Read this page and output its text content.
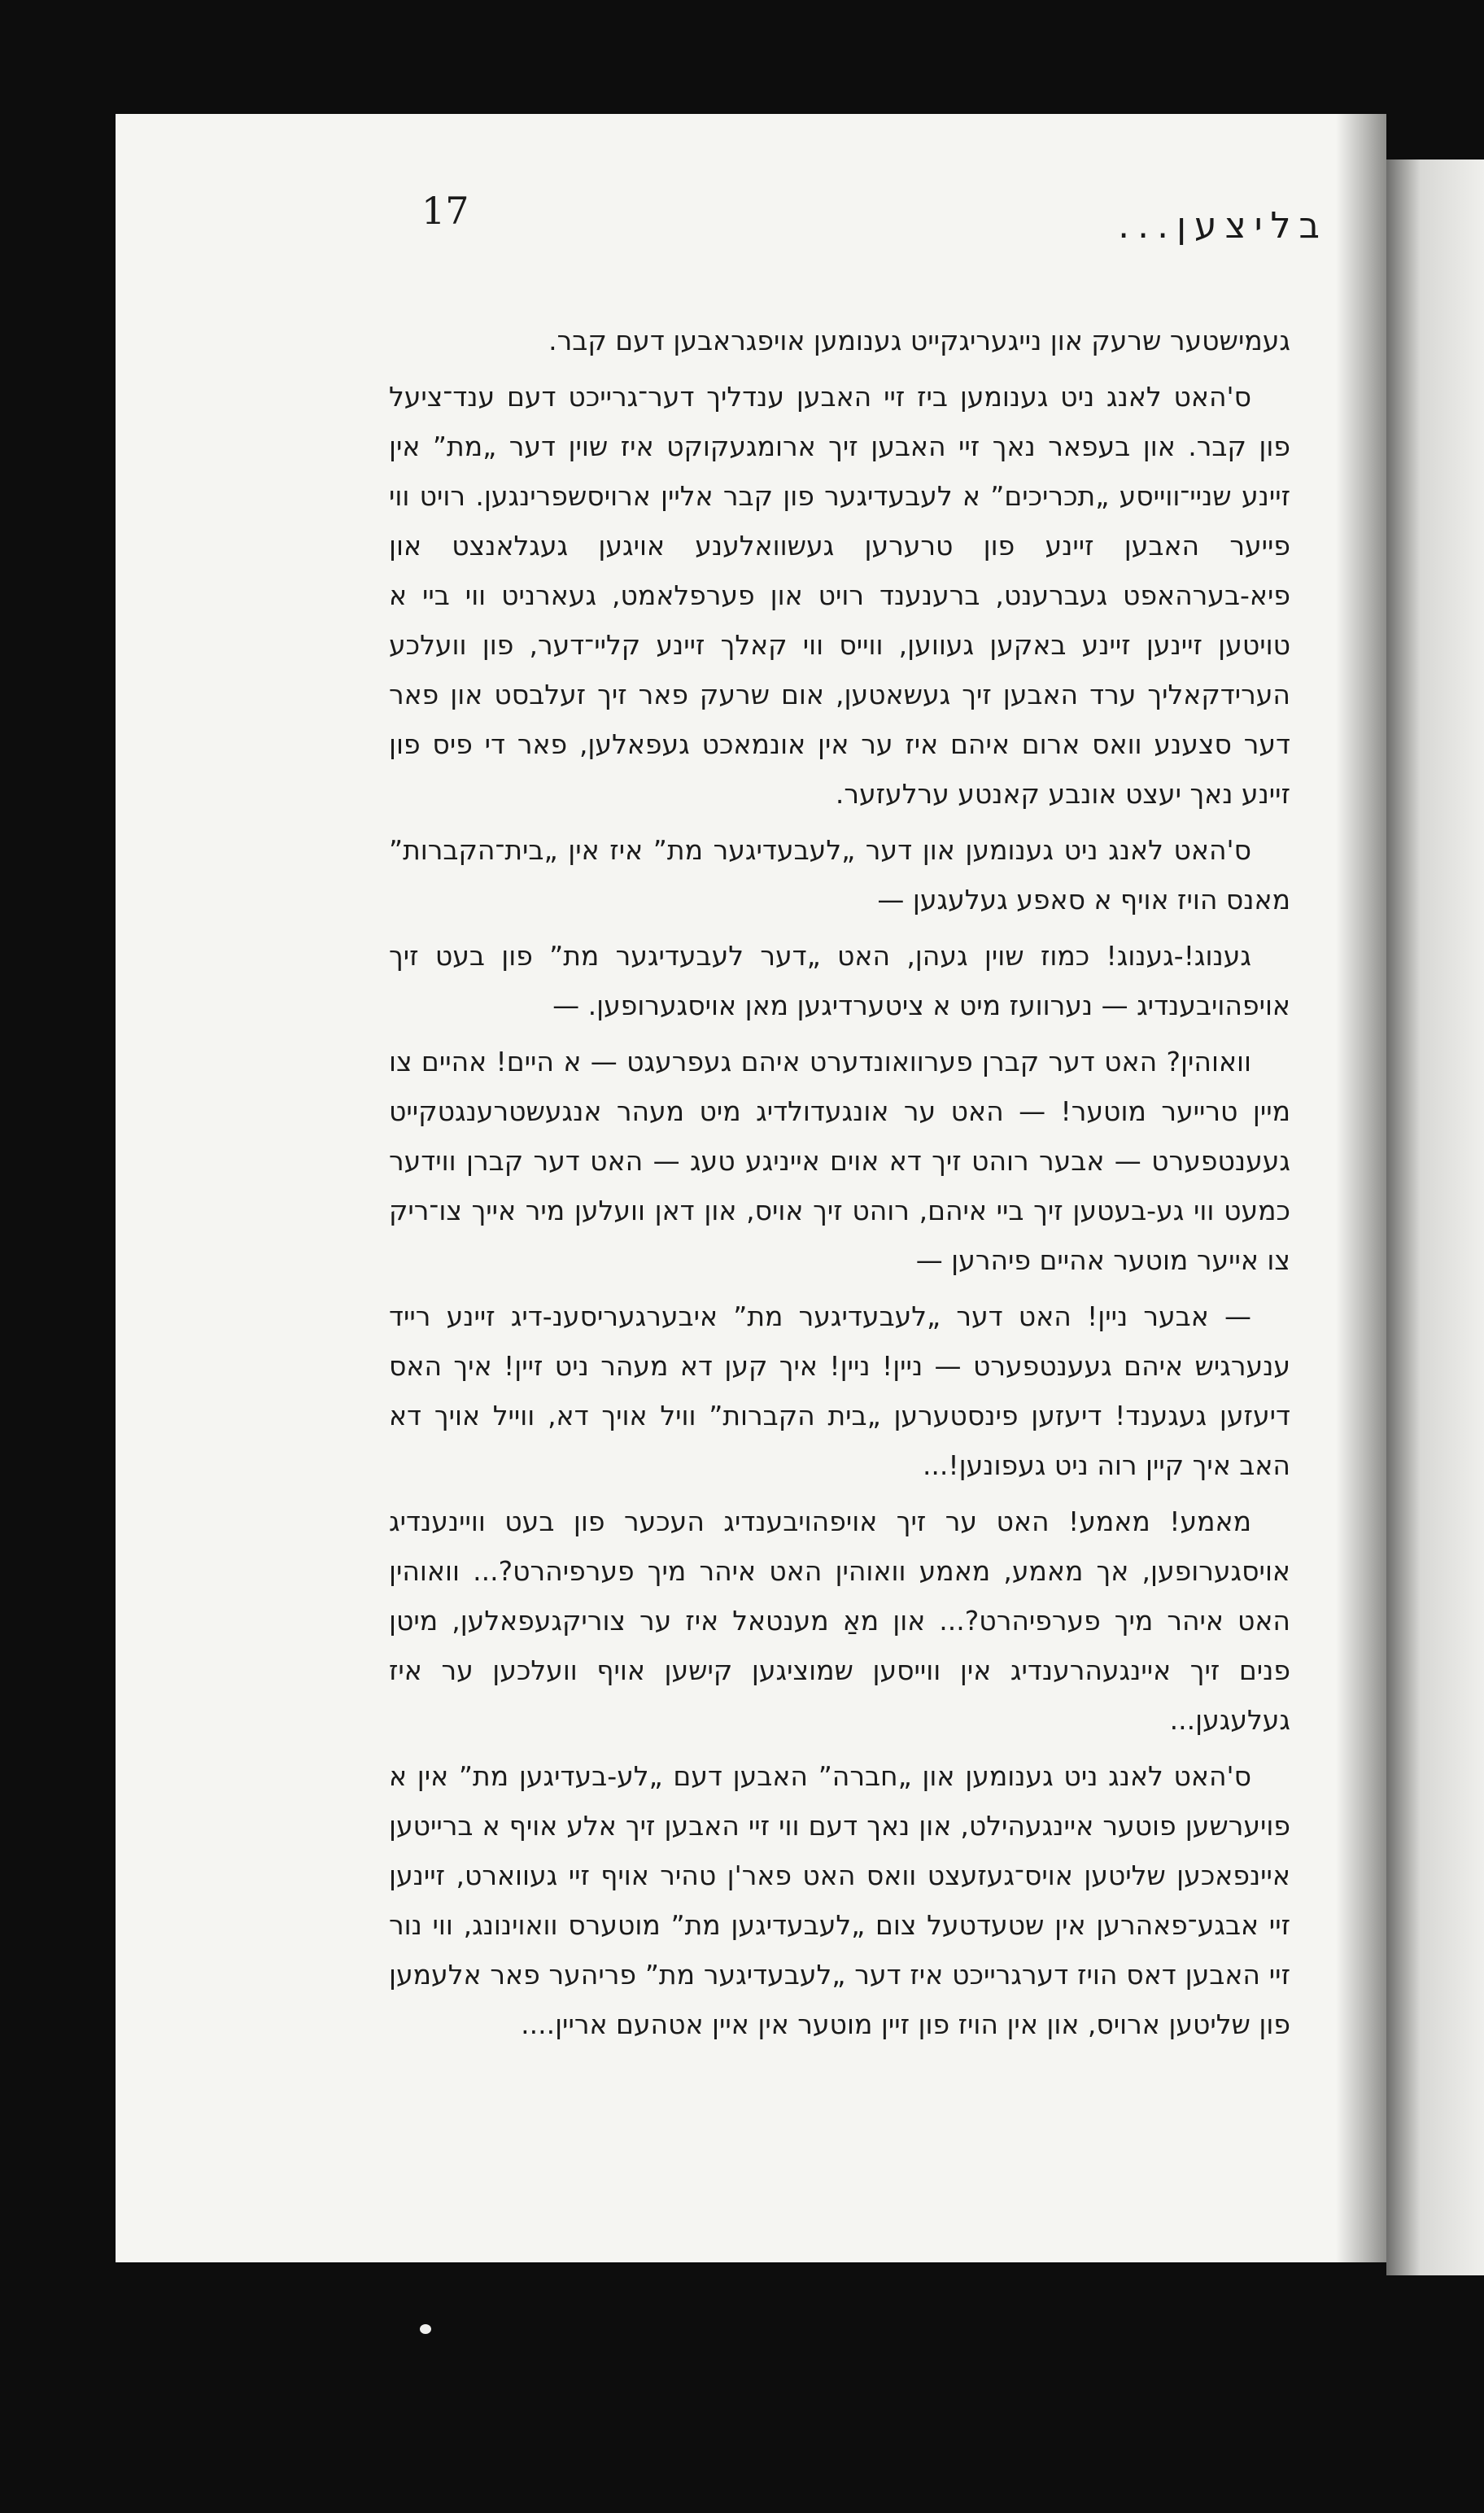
17	בליצען...

געמישטער שרעק און נייגעריגקייט גענומען אויפגראבען דעם קבר.

ס'האט לאנג ניט גענומען ביז זיי האבען ענדליך דער־גרייכט דעם ענד־ציעל פון קבר. און בעפאר נאך זיי האבען זיך ארומגעקוקט איז שוין דער „מת” אין זיינע שניי־ווייסע „תכריכים” א לעבעדיגער פון קבר אליין ארויסשפרינגען. רויט ווי פייער האבען זיינע פון טרערען געשוואלענע אויגען געגלאנצט און פיא-בערהאפט געברענט, ברענענד רויט און פערפלאמט, געארניט ווי ביי א טויטען זיינען זיינע באקען געווען, ווייס ווי קאלך זיינע קליי־דער, פון וועלכע הערידקאליך ערד האבען זיך געשאטען, אום שרעק פאר זיך זעלבסט און פאר דער סצענע וואס ארום איהם איז ער אין אונמאכט געפאלען, פאר די פיס פון זיינע נאך יעצט אונבע קאנטע ערלעזער.

ס'האט לאנג ניט גענומען און דער „לעבעדיגער מת” איז אין „בית־הקברות” מאנס הויז אויף א סאפע געלעגען —

גענוג!-גענוג! כמוז שוין געהן, האט „דער לעבעדיגער מת” פון בעט זיך אויפהויבענדיג — נערוועז מיט א ציטערדיגען מאן אויסגערופען. —

וואוהין? האט דער קברן פערוואונדערט איהם געפרעגט — א היים! אהיים צו מיין טרייער מוטער! — האט ער אונגעדולדיג מיט מעהר אנגעשטרענגטקייט געענטפערט — אבער רוהט זיך דא אוים אייניגע טעג — האט דער קברן ווידער כמעט ווי גע-בעטען זיך ביי איהם, רוהט זיך אויס, און דאן וועלען מיר אייך צו־ריק צו אייער מוטער אהיים פיהרען —

— אבער ניין! האט דער „לעבעדיגער מת” איבערגעריסענ-דיג זיינע רייד ענערגיש איהם געענטפערט — ניין! ניין! איך קען דא מעהר ניט זיין! איך האס דיעזען געגענד! דיעזען פינסטערען „בית הקברות” וויל אויך דא, ווייל אויך דא האב איך קיין רוה ניט געפונען!...

מאמע! מאמע! האט ער זיך אויפהויבענדיג העכער פון בעט וויינענדיג אויסגערופען, אך מאמע, מאמע וואוהין האט איהר מיך פערפיהרט?... וואוהין האט איהר מיך פערפיהרט?... און מאַ מענטאל איז ער צוריקגעפאלען, מיטן פנים זיך איינגעהרענדיג אין ווייסען שמוציגען קישען אויף וועלכען ער איז געלעגען...

ס'האט לאנג ניט גענומען און „חברה” האבען דעם „לע-בעדיגען מת” אין א פויערשען פוטער איינגעהילט, און נאך דעם ווי זיי האבען זיך אלע אויף א ברייטען איינפאכען שליטען אויס־געזעצט וואס האט פאר'ן טהיר אויף זיי געווארט, זיינען זיי אבגע־פאהרען אין שטעדטעל צום „לעבעדיגען מת” מוטערס וואוינונג, ווי נור זיי האבען דאס הויז דערגרייכט איז דער „לעבעדיגער מת” פריהער פאר אלעמען פון שליטען ארויס, און אין הויז פון זיין מוטער אין איין אטהעם אריין....
